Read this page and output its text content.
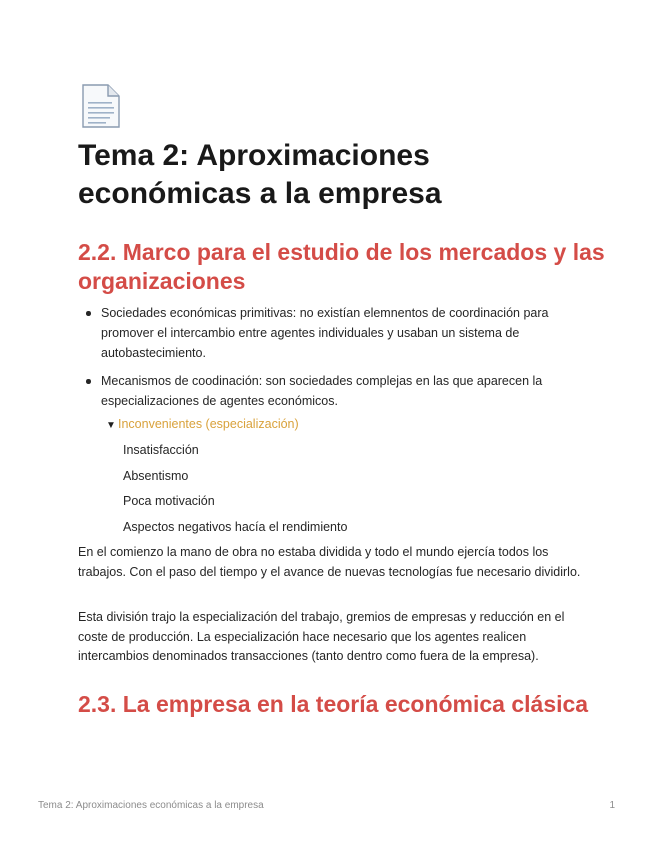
Tema 2: Aproximaciones económicas a la empresa
2.2. Marco para el estudio de los mercados y las organizaciones
Sociedades económicas primitivas: no existían elemnentos de coordinación para promover el intercambio entre agentes individuales y usaban un sistema de autobastecimiento.
Mecanismos de coodinación: son sociedades complejas en las que aparecen la especializaciones de agentes económicos.
▼ Inconvenientes (especialización)
Insatisfacción
Absentismo
Poca motivación
Aspectos negativos hacía el rendimiento

En el comienzo la mano de obra no estaba dividida y todo el mundo ejercía todos los trabajos. Con el paso del tiempo y el avance de nuevas tecnologías fue necesario dividirlo.

Esta división trajo la especialización del trabajo, gremios de empresas y reducción en el coste de producción. La especialización hace necesario que los agentes realicen intercambios denominados transacciones (tanto dentro como fuera de la empresa).

2.3. La empresa en la teoría económica clásica
Tema 2: Aproximaciones económicas a la empresa	1
